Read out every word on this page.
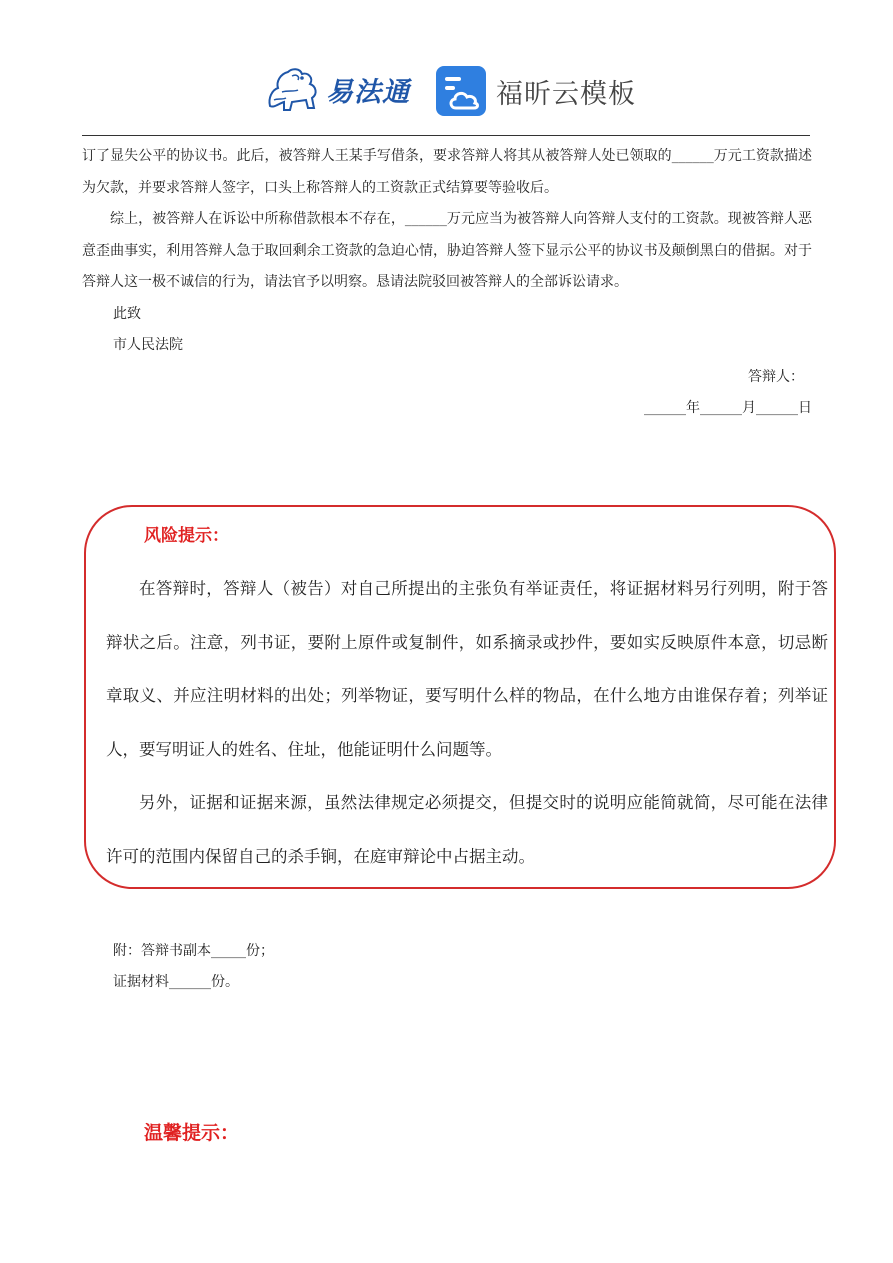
易法通	福昕云模板

订了显失公平的协议书。此后，被答辩人王某手写借条，要求答辩人将其从被答辩人处已领取的______万元工资款描述为欠款，并要求答辩人签字，口头上称答辩人的工资款正式结算要等验收后。

综上，被答辩人在诉讼中所称借款根本不存在，______万元应当为被答辩人向答辩人支付的工资款。现被答辩人恶意歪曲事实，利用答辩人急于取回剩余工资款的急迫心情，胁迫答辩人签下显示公平的协议书及颠倒黑白的借据。对于答辩人这一极不诚信的行为，请法官予以明察。恳请法院驳回被答辩人的全部诉讼请求。

此致

市人民法院

答辩人：

______年______月______日

风险提示：

在答辩时，答辩人（被告）对自己所提出的主张负有举证责任，将证据材料另行列明，附于答辩状之后。注意，列书证，要附上原件或复制件，如系摘录或抄件，要如实反映原件本意，切忌断章取义、并应注明材料的出处；列举物证，要写明什么样的物品，在什么地方由谁保存着；列举证人，要写明证人的姓名、住址，他能证明什么问题等。

另外，证据和证据来源，虽然法律规定必须提交，但提交时的说明应能简就简，尽可能在法律许可的范围内保留自己的杀手锏，在庭审辩论中占据主动。

附：答辩书副本_____份；
证据材料______份。
温馨提示：
